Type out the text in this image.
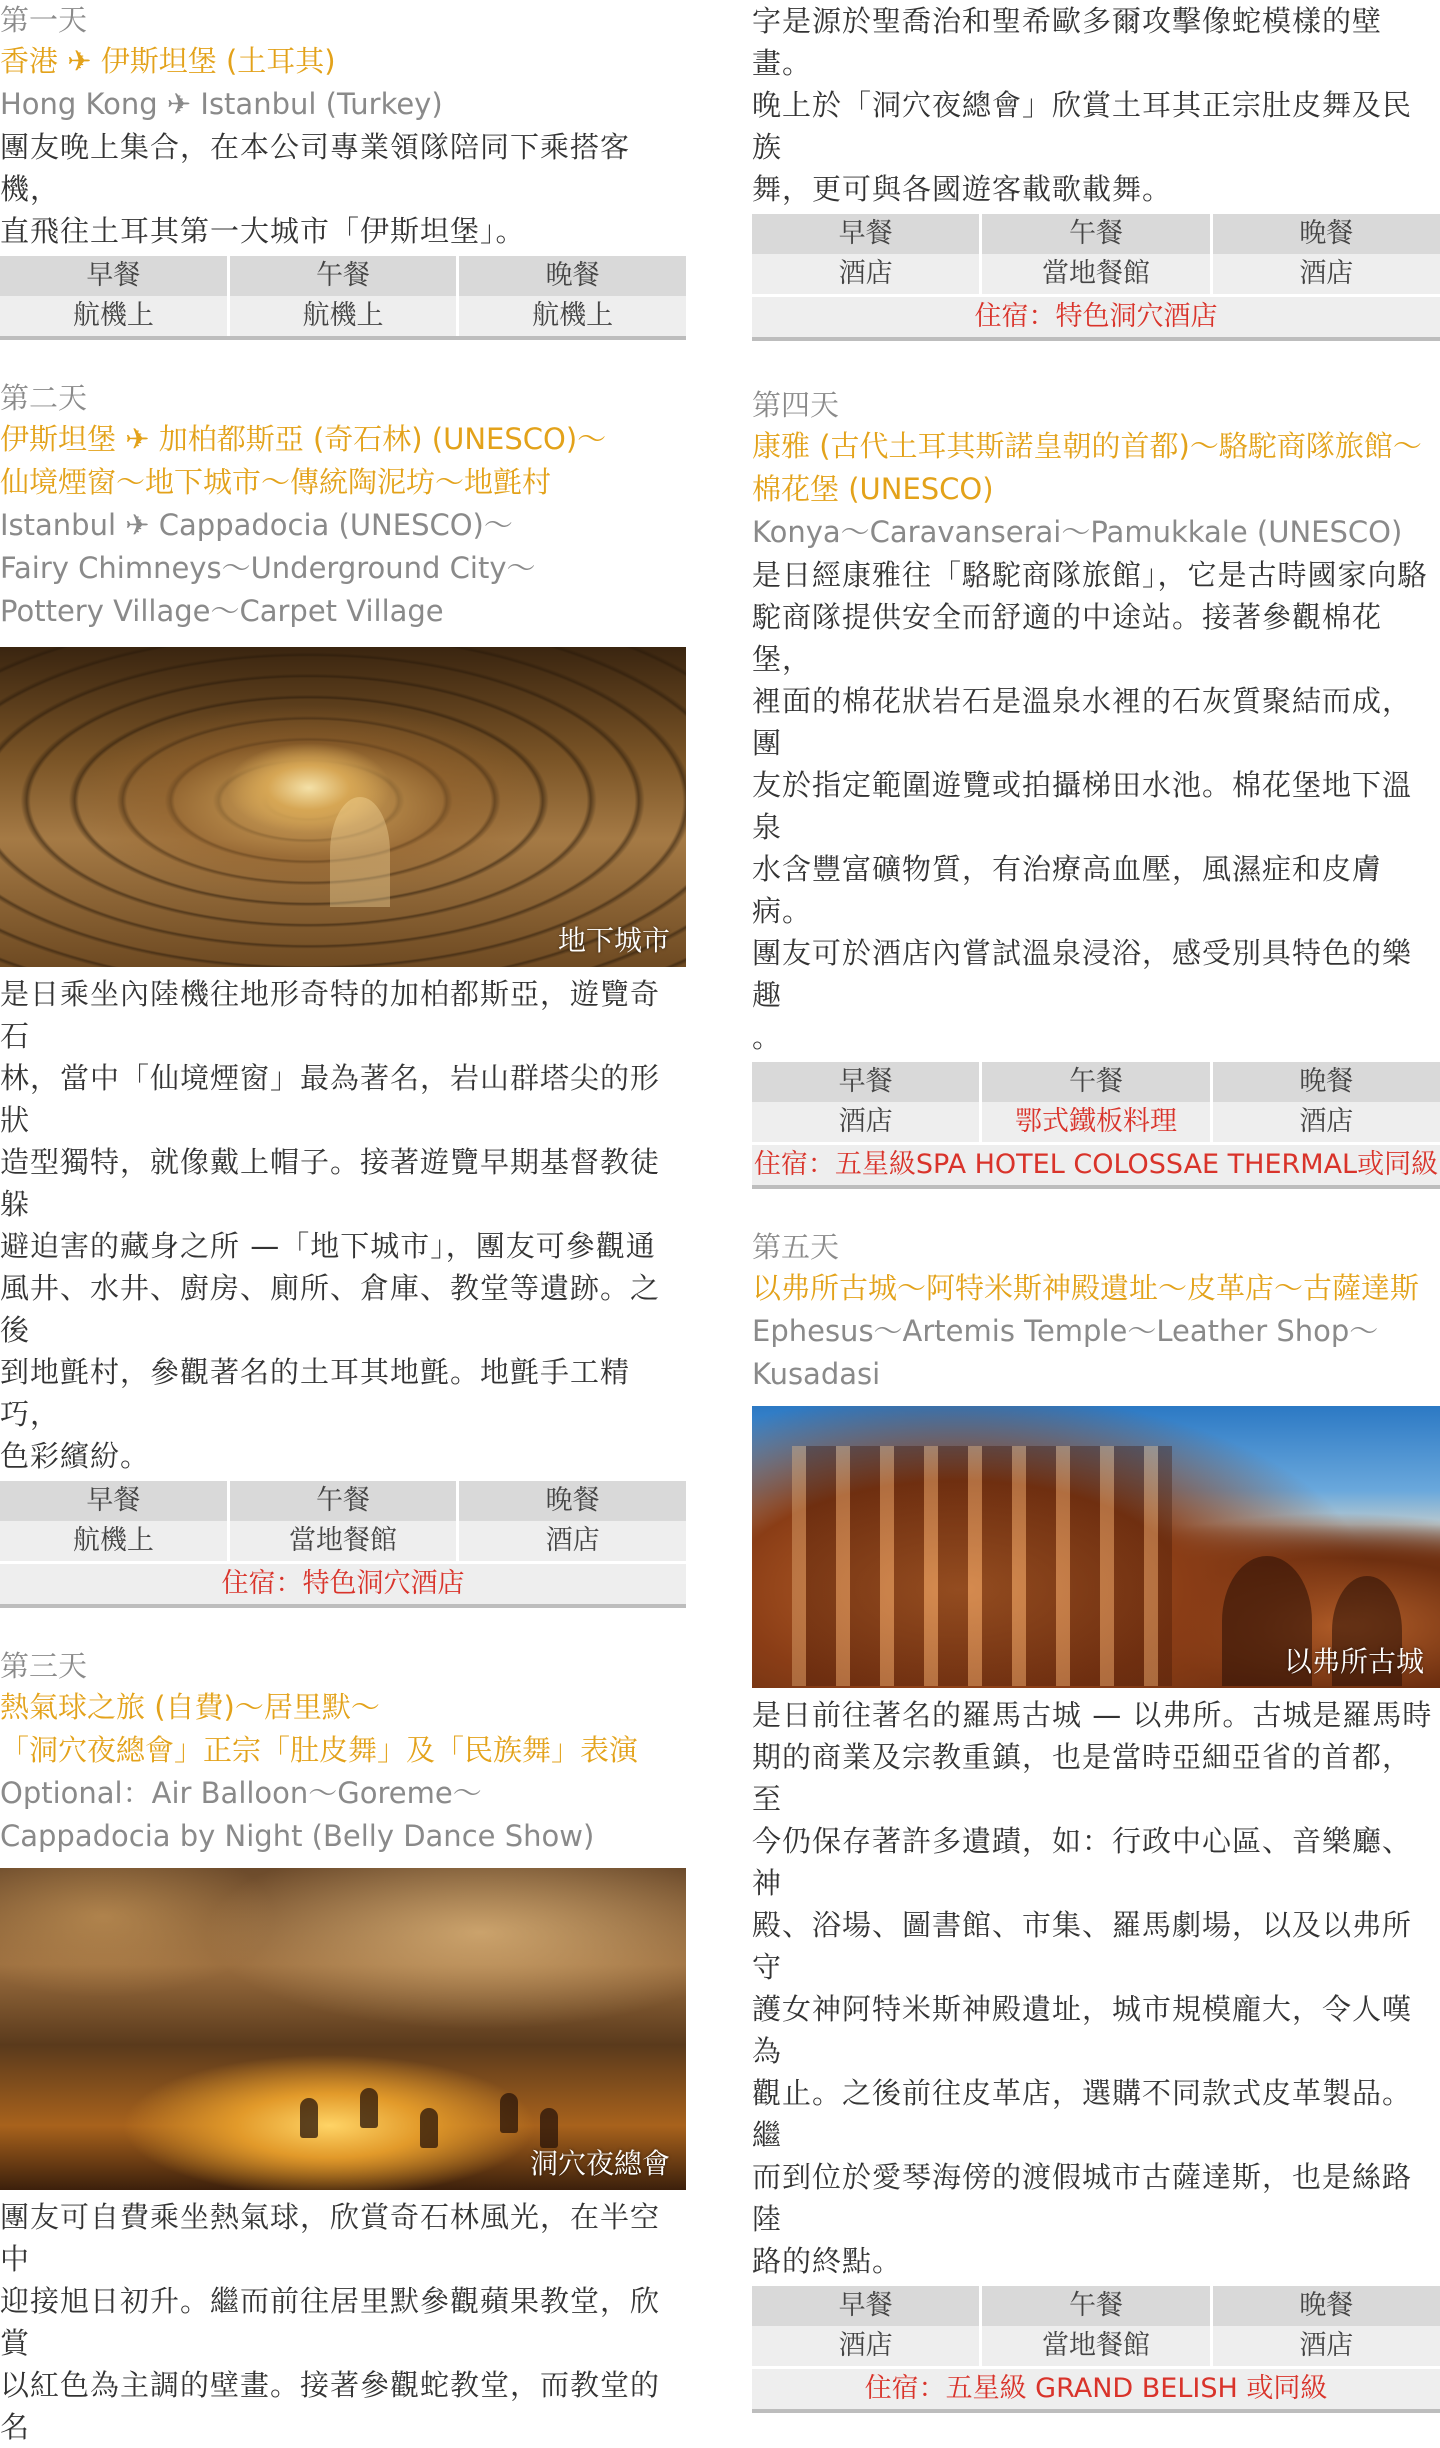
第一天

香港 ✈ 伊斯坦堡 (土耳其)

Hong Kong ✈ Istanbul (Turkey)

團友晚上集合，在本公司專業領隊陪同下乘搭客機，

直飛往土耳其第一大城市「伊斯坦堡」。

早餐	午餐	晚餐
航機上	航機上	航機上

第二天

伊斯坦堡 ✈ 加柏都斯亞 (奇石林) (UNESCO)～

仙境煙窗～地下城市～傳統陶泥坊～地氈村

Istanbul ✈ Cappadocia (UNESCO)～

Fairy Chimneys～Underground City～

Pottery Village～Carpet Village

地下城市

是日乘坐內陸機往地形奇特的加柏都斯亞，遊覽奇石

林，當中「仙境煙窗」最為著名，岩山群塔尖的形狀

造型獨特，就像戴上帽子。接著遊覽早期基督教徒躲

避迫害的藏身之所 —「地下城市」，團友可參觀通

風井、水井、廚房、廁所、倉庫、教堂等遺跡。之後

到地氈村，參觀著名的土耳其地氈。地氈手工精巧，

色彩繽紛。

早餐	午餐	晚餐
航機上	當地餐館	酒店
住宿：特色洞穴酒店

第三天

熱氣球之旅 (自費)～居里默～

「洞穴夜總會」正宗「肚皮舞」及「民族舞」表演

Optional：Air Balloon～Goreme～

Cappadocia by Night (Belly Dance Show)

洞穴夜總會

團友可自費乘坐熱氣球，欣賞奇石林風光，在半空中

迎接旭日初升。繼而前往居里默參觀蘋果教堂，欣賞

以紅色為主調的壁畫。接著參觀蛇教堂，而教堂的名

字是源於聖喬治和聖希歐多爾攻擊像蛇模樣的壁畫。

晚上於「洞穴夜總會」欣賞土耳其正宗肚皮舞及民族

舞，更可與各國遊客載歌載舞。

早餐	午餐	晚餐
酒店	當地餐館	酒店
住宿：特色洞穴酒店

第四天

康雅 (古代土耳其斯諾皇朝的首都)～駱駝商隊旅館～

棉花堡 (UNESCO)

Konya～Caravanserai～Pamukkale (UNESCO)

是日經康雅往「駱駝商隊旅館」，它是古時國家向駱

駝商隊提供安全而舒適的中途站。接著參觀棉花堡，

裡面的棉花狀岩石是溫泉水裡的石灰質聚結而成，團

友於指定範圍遊覽或拍攝梯田水池。棉花堡地下溫泉

水含豐富礦物質，有治療高血壓，風濕症和皮膚病。

團友可於酒店內嘗試溫泉浸浴，感受別具特色的樂趣

。

早餐	午餐	晚餐
酒店	鄂式鐵板料理	酒店
住宿：五星級SPA HOTEL COLOSSAE THERMAL或同級

第五天

以弗所古城～阿特米斯神殿遺址～皮革店～古薩達斯

Ephesus～Artemis Temple～Leather Shop～

Kusadasi

以弗所古城

是日前往著名的羅馬古城 — 以弗所。古城是羅馬時

期的商業及宗教重鎮，也是當時亞細亞省的首都，至

今仍保存著許多遺蹟，如：行政中心區、音樂廳、神

殿、浴場、圖書館、市集、羅馬劇場，以及以弗所守

護女神阿特米斯神殿遺址，城市規模龐大，令人嘆為

觀止。之後前往皮革店，選購不同款式皮革製品。繼

而到位於愛琴海傍的渡假城市古薩達斯，也是絲路陸

路的終點。

早餐	午餐	晚餐
酒店	當地餐館	酒店
住宿：五星級 GRAND BELISH 或同級
